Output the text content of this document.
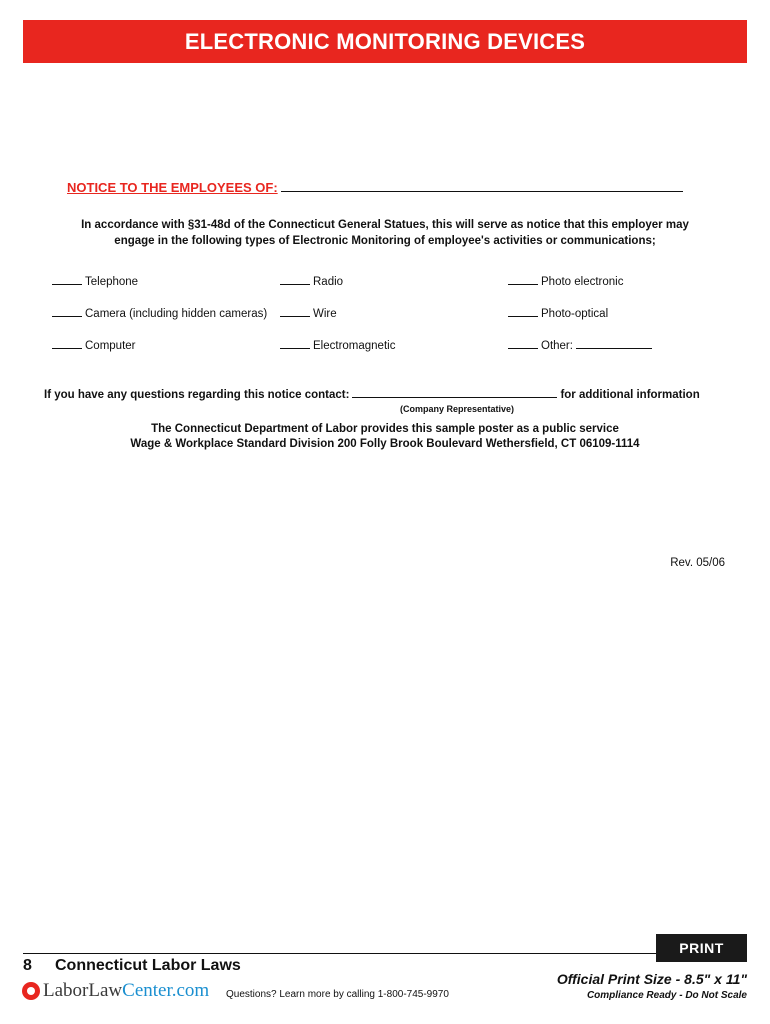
ELECTRONIC MONITORING DEVICES
NOTICE TO THE EMPLOYEES OF:
In accordance with §31-48d of the Connecticut General Statues, this will serve as notice that this employer may
engage in the following types of Electronic Monitoring of employee's activities or communications;
Telephone
Camera (including hidden cameras)
Computer
Radio
Wire
Electromagnetic
Photo electronic
Photo-optical
Other:
If you have any questions regarding this notice contact:	for additional information
(Company Representative)
The Connecticut Department of Labor provides this sample poster as a public service
Wage & Workplace Standard Division 200 Folly Brook Boulevard Wethersfield, CT 06109-1114
Rev. 05/06
PRINT
8 Connecticut Labor Laws
LaborLaw Center.com Questions? Learn more by calling 1-800-745-9970
Official Print Size - 8.5" x 11"
Compliance Ready - Do Not Scale
